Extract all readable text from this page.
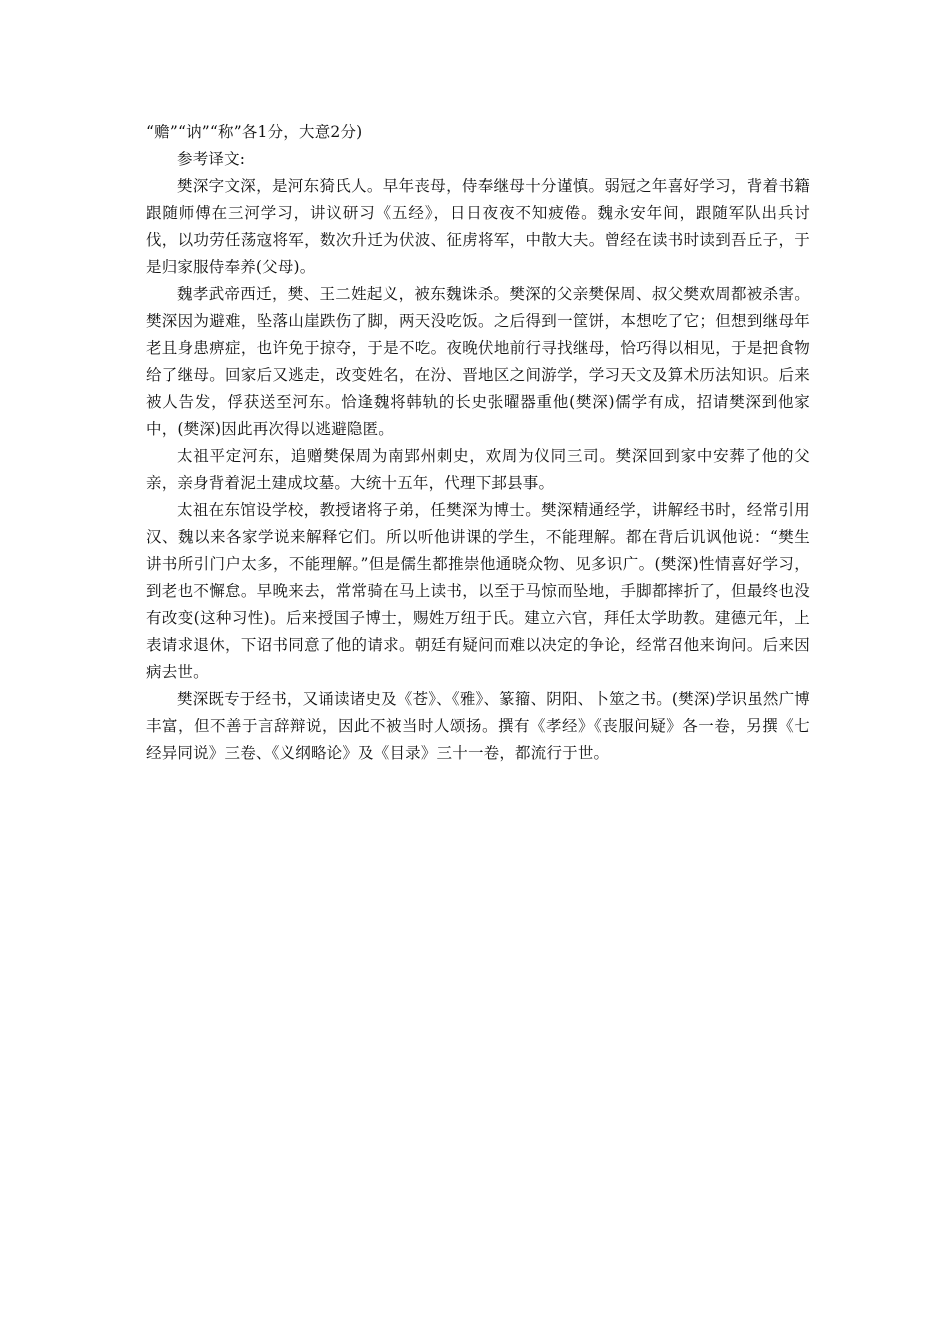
“赡”“讷”“称”各1分，大意2分)

参考译文:

樊深字文深，是河东猗氏人。早年丧母，侍奉继母十分谨慎。弱冠之年喜好学习，背着书籍跟随师傅在三河学习，讲议研习《五经》，日日夜夜不知疲倦。魏永安年间，跟随军队出兵讨伐，以功劳任荡寇将军，数次升迁为伏波、征虏将军，中散大夫。曾经在读书时读到吾丘子，于是归家服侍奉养(父母)。

魏孝武帝西迁，樊、王二姓起义，被东魏诛杀。樊深的父亲樊保周、叔父樊欢周都被杀害。樊深因为避难，坠落山崖跌伤了脚，两天没吃饭。之后得到一筐饼，本想吃了它；但想到继母年老且身患痹症，也许免于掠夺，于是不吃。夜晚伏地前行寻找继母，恰巧得以相见，于是把食物给了继母。回家后又逃走，改变姓名，在汾、晋地区之间游学，学习天文及算术历法知识。后来被人告发，俘获送至河东。恰逢魏将韩轨的长史张曜器重他(樊深)儒学有成，招请樊深到他家中，(樊深)因此再次得以逃避隐匿。

太祖平定河东，追赠樊保周为南郢州刺史，欢周为仪同三司。樊深回到家中安葬了他的父亲，亲身背着泥土建成坟墓。大统十五年，代理下邽县事。

太祖在东馆设学校，教授诸将子弟，任樊深为博士。樊深精通经学，讲解经书时，经常引用汉、魏以来各家学说来解释它们。所以听他讲课的学生，不能理解。都在背后讥讽他说：“樊生讲书所引门户太多，不能理解。”但是儒生都推崇他通晓众物、见多识广。(樊深)性情喜好学习，到老也不懈怠。早晚来去，常常骑在马上读书，以至于马惊而坠地，手脚都摔折了，但最终也没有改变(这种习性)。后来授国子博士，赐姓万纽于氏。建立六官，拜任太学助教。建德元年，上表请求退休，下诏书同意了他的请求。朝廷有疑问而难以决定的争论，经常召他来询问。后来因病去世。

樊深既专于经书，又诵读诸史及《苍》、《雅》、篆籀、阴阳、卜筮之书。(樊深)学识虽然广博丰富，但不善于言辞辩说，因此不被当时人颂扬。撰有《孝经》《丧服问疑》各一卷，另撰《七经异同说》三卷、《义纲略论》及《目录》三十一卷，都流行于世。
